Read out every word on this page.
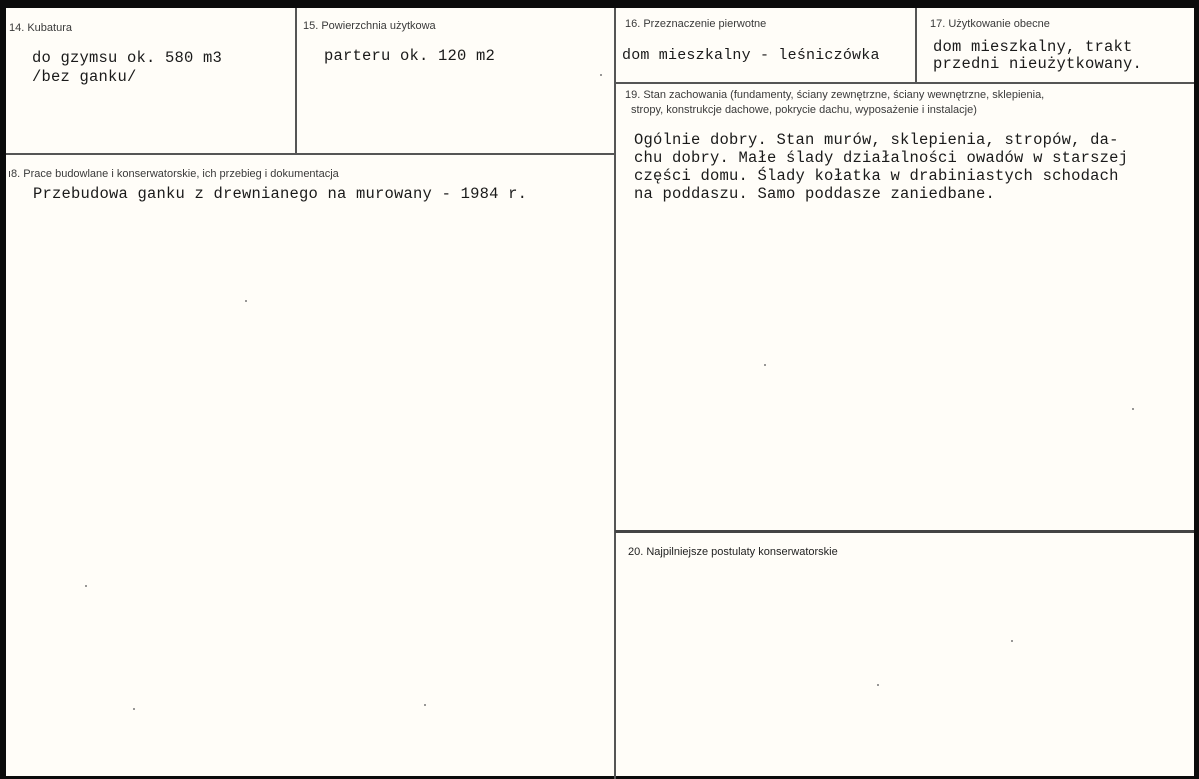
14. Kubatura
do gzymsu ok. 580 m3
/bez ganku/
15. Powierzchnia użytkowa
parteru ok. 120 m2
16. Przeznaczenie pierwotne
dom mieszkalny - leśniczówka
17. Użytkowanie obecne
dom mieszkalny, trakt
przedni nieużytkowany.
ı8. Prace budowlane i konserwatorskie, ich przebieg i dokumentacja
Przebudowa ganku z drewnianego na murowany - 1984 r.
19. Stan zachowania (fundamenty, ściany zewnętrzne, ściany wewnętrzne, sklepienia,
stropy, konstrukcje dachowe, pokrycie dachu, wyposażenie i instalacje)
Ogólnie dobry. Stan murów, sklepienia, stropów, da-
chu dobry. Małe ślady działalności owadów w starszej
części domu. Ślady kołatka w drabiniastych schodach
na poddaszu. Samo poddasze zaniedbane.
20. Najpilniejsze postulaty konserwatorskie
